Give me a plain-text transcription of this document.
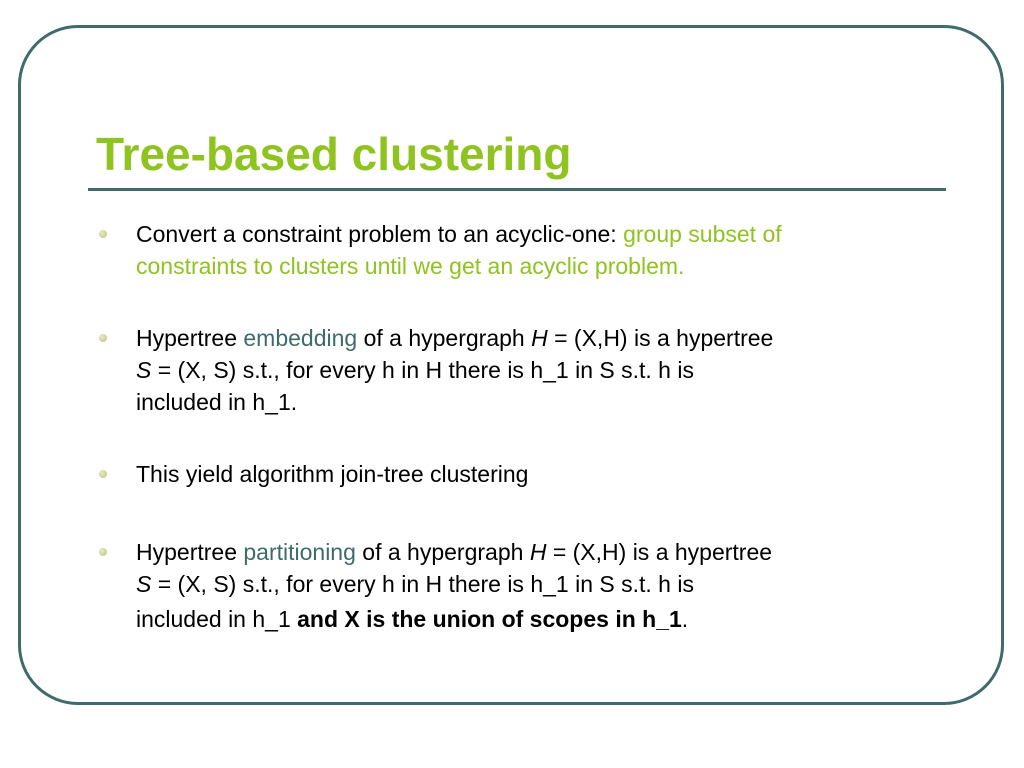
Tree-based clustering
Convert a constraint problem to an acyclic-one: group subset of
constraints to clusters until we get an acyclic problem.
Hypertree embedding of a hypergraph H = (X,H) is a hypertree
S = (X, S) s.t., for every h in H there is h_1 in S s.t. h is
included in h_1.
This yield algorithm join-tree clustering
Hypertree partitioning of a hypergraph H = (X,H) is a hypertree
S = (X, S) s.t., for every h in H there is h_1 in S s.t. h is
included in h_1 and X is the union of scopes in h_1.
